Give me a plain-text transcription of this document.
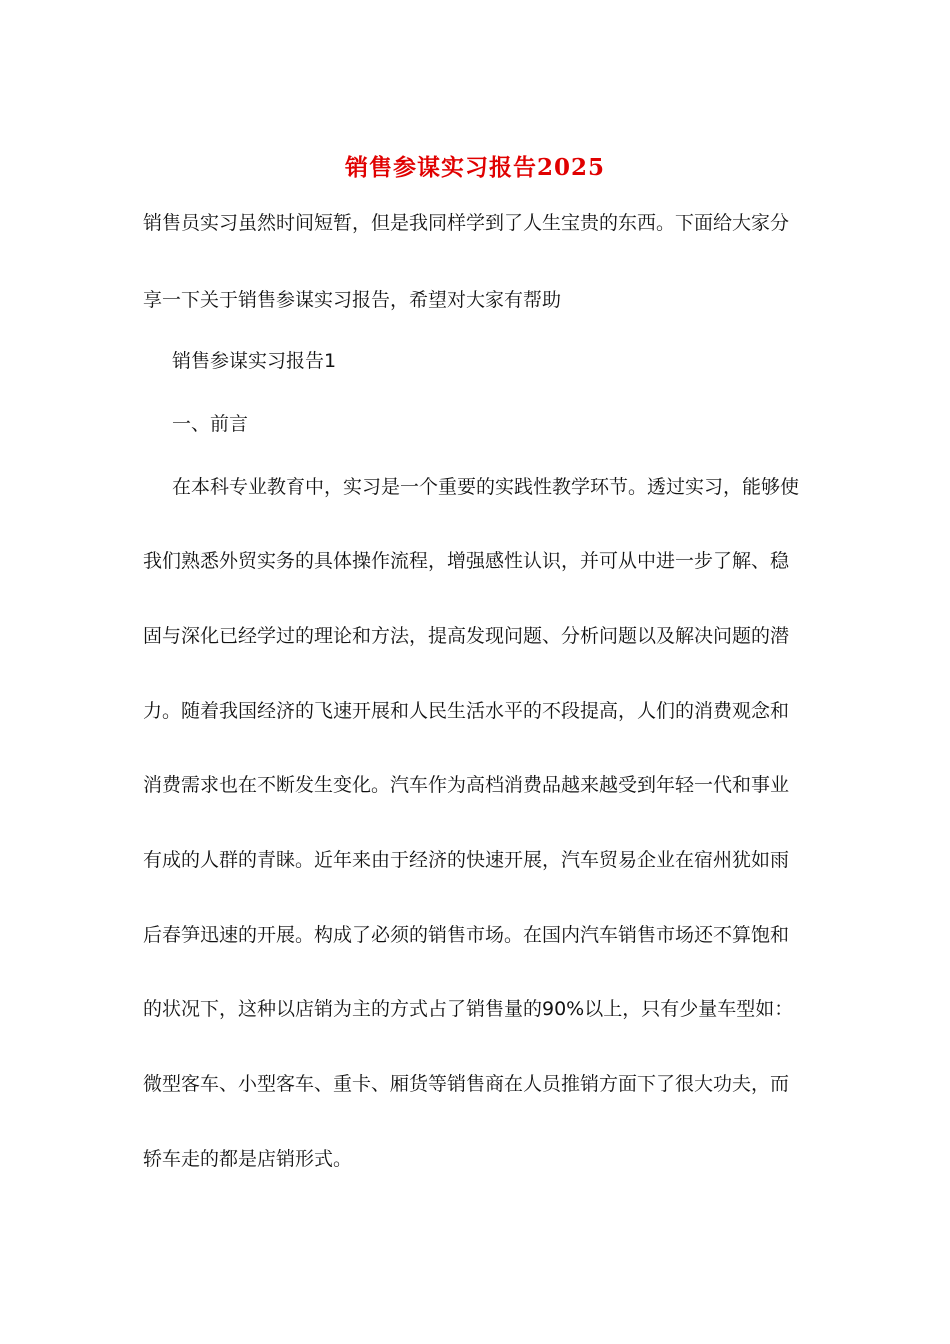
销售参谋实习报告2025
销售员实习虽然时间短暂，但是我同样学到了人生宝贵的东西。下面给大家分
享一下关于销售参谋实习报告，希望对大家有帮助
销售参谋实习报告1
一、前言
在本科专业教育中，实习是一个重要的实践性教学环节。透过实习，能够使
我们熟悉外贸实务的具体操作流程，增强感性认识，并可从中进一步了解、稳
固与深化已经学过的理论和方法，提高发现问题、分析问题以及解决问题的潜
力。随着我国经济的飞速开展和人民生活水平的不段提高，人们的消费观念和
消费需求也在不断发生变化。汽车作为高档消费品越来越受到年轻一代和事业
有成的人群的青睐。近年来由于经济的快速开展，汽车贸易企业在宿州犹如雨
后春笋迅速的开展。构成了必须的销售市场。在国内汽车销售市场还不算饱和
的状况下，这种以店销为主的方式占了销售量的90%以上，只有少量车型如：
微型客车、小型客车、重卡、厢货等销售商在人员推销方面下了很大功夫，而
轿车走的都是店销形式。
